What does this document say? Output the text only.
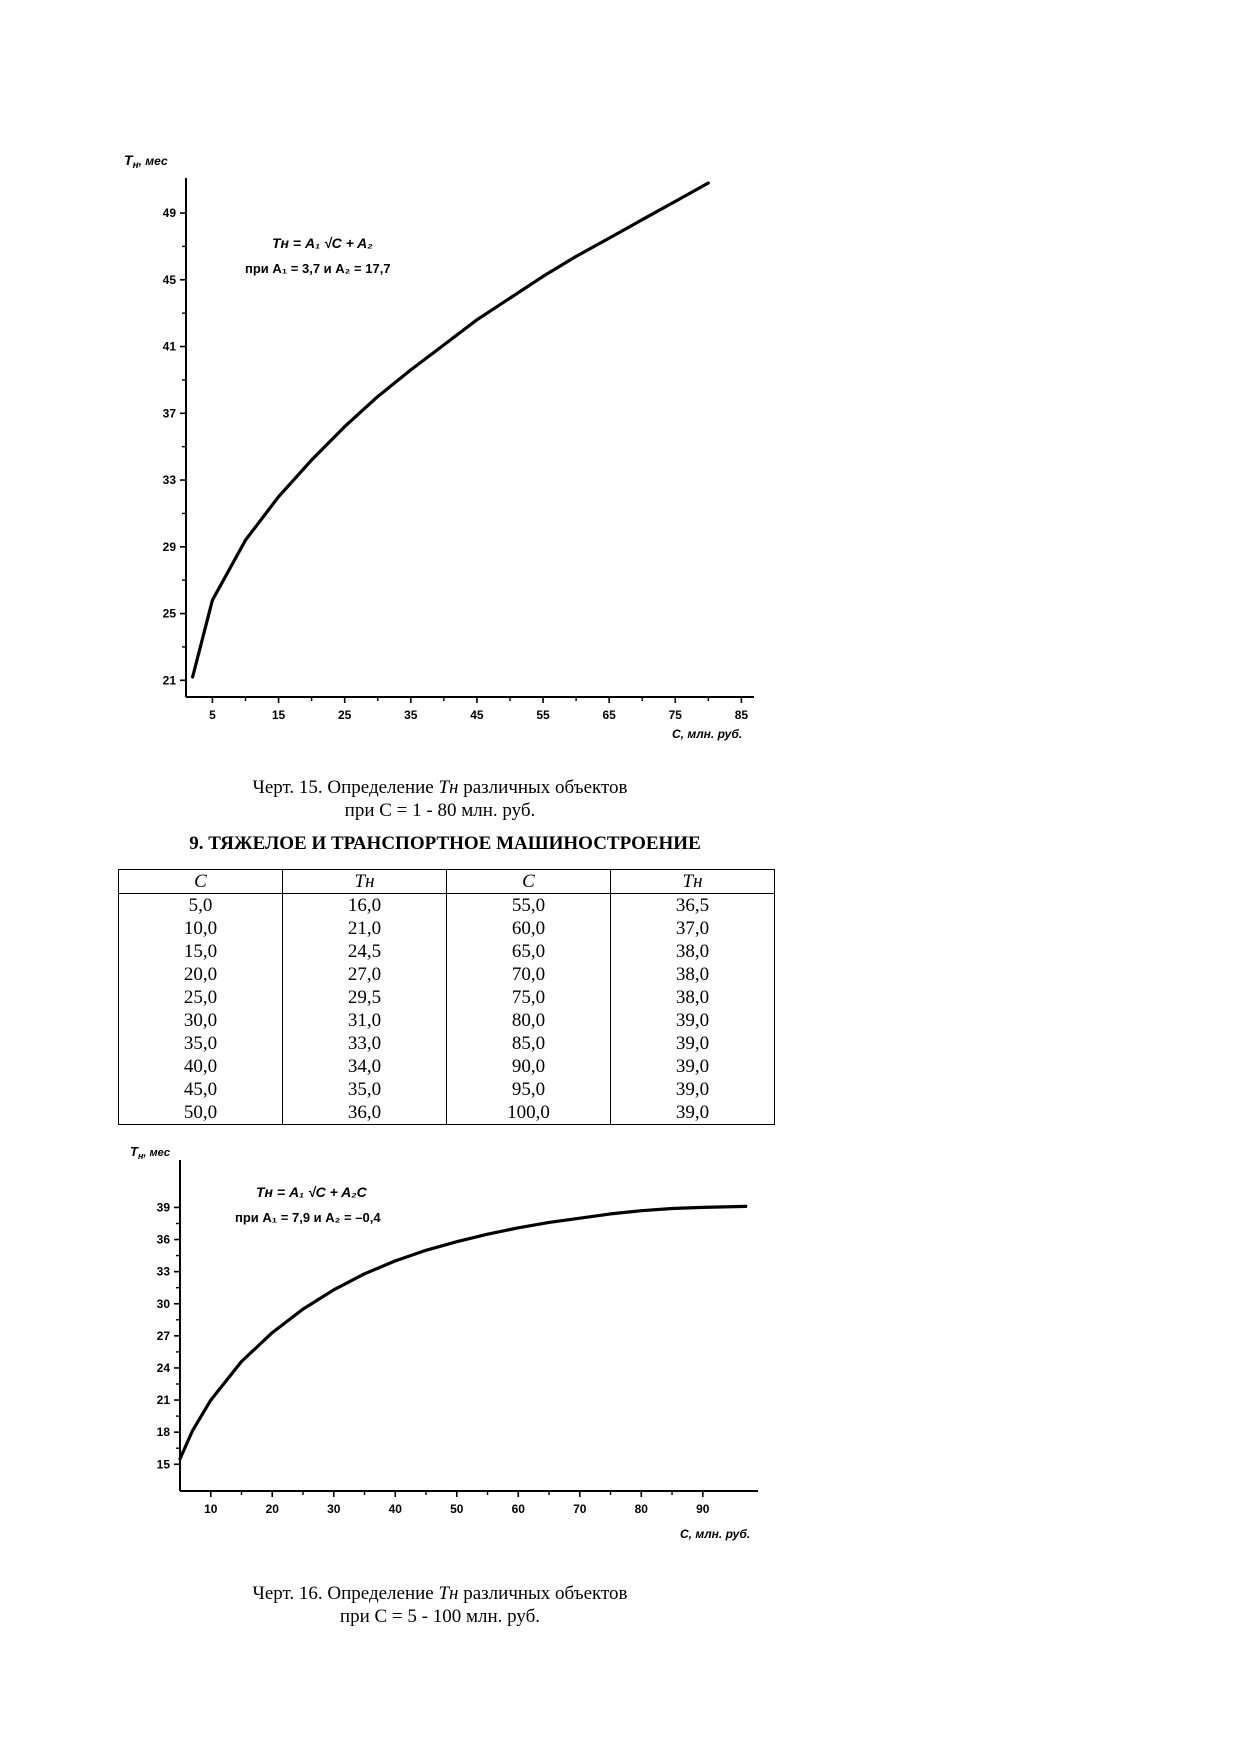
$T_н$, мес
Tн = A₁ √C + A₂
при A₁ = 3,7 и A₂ = 17,7
C, млн. руб.
21
25
29
33
37
41
45
49
5	15	25	35	45	55	65	75	85
Черт. 15. Определение Tн различных объектов
при С = 1 - 80 млн. руб.
9. ТЯЖЕЛОЕ И ТРАНСПОРТНОЕ МАШИНОСТРОЕНИЕ
С	Тн	С	Тн
5,0	16,0	55,0	36,5
10,0	21,0	60,0	37,0
15,0	24,5	65,0	38,0
20,0	27,0	70,0	38,0
25,0	29,5	75,0	38,0
30,0	31,0	80,0	39,0
35,0	33,0	85,0	39,0
40,0	34,0	90,0	39,0
45,0	35,0	95,0	39,0
50,0	36,0	100,0	39,0
$T_н^{, мес}$
Tн = A₁ √C + A₂C
при A₁ = 7,9 и A₂ = –0,4
C, млн. руб.
15
18
21
24
27
30
33
36
39
10	20	30	40	50	60	70	80	90
Черт. 16. Определение Tн различных объектов
при С = 5 - 100 млн. руб.
